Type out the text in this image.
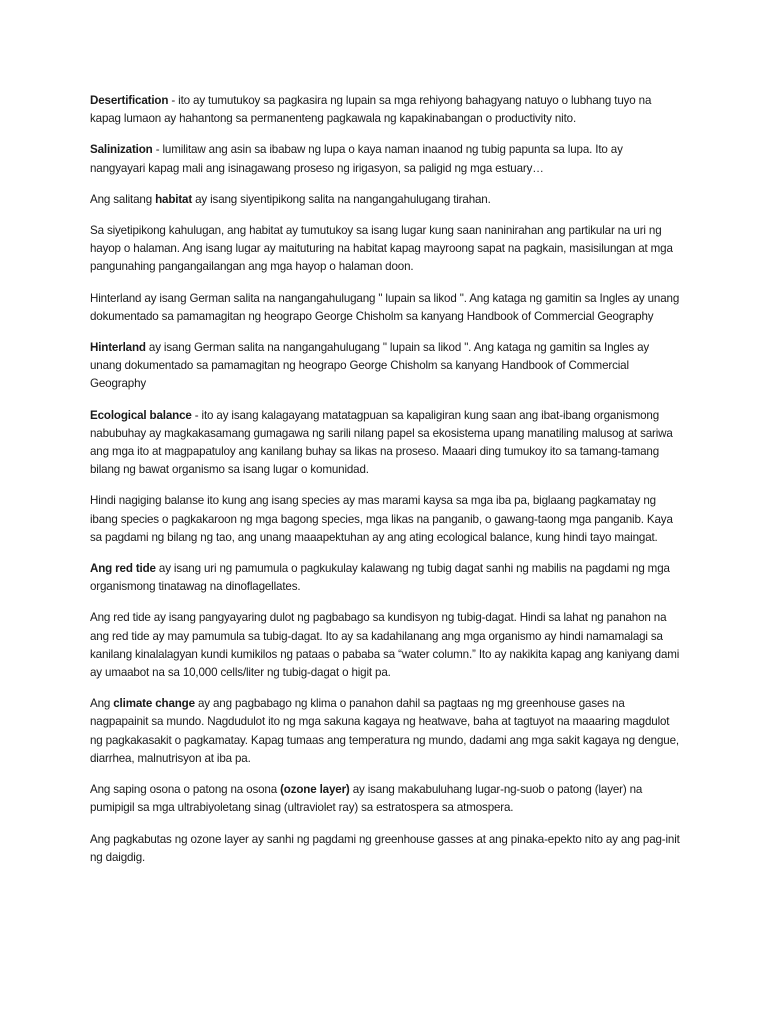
Desertification - ito ay tumutukoy sa pagkasira ng lupain sa mga rehiyong bahagyang natuyo o lubhang tuyo na kapag lumaon ay hahantong sa permanenteng pagkawala ng kapakinabangan o productivity nito.

Salinization - lumilitaw ang asin sa ibabaw ng lupa o kaya naman inaanod ng tubig papunta sa lupa. Ito ay nangyayari kapag mali ang isinagawang proseso ng irigasyon, sa paligid ng mga estuary…

Ang salitang habitat ay isang siyentipikong salita na nangangahulugang tirahan.

Sa siyetipikong kahulugan, ang habitat ay tumutukoy sa isang lugar kung saan naninirahan ang partikular na uri ng hayop o halaman. Ang isang lugar ay maituturing na habitat kapag mayroong sapat na pagkain, masisilungan at mga pangunahing pangangailangan ang mga hayop o halaman doon.

Hinterland ay isang German salita na nangangahulugang " lupain sa likod ". Ang kataga ng gamitin sa Ingles ay unang dokumentado sa pamamagitan ng heograpo George Chisholm sa kanyang Handbook of Commercial Geography

Hinterland ay isang German salita na nangangahulugang " lupain sa likod ". Ang kataga ng gamitin sa Ingles ay unang dokumentado sa pamamagitan ng heograpo George Chisholm sa kanyang Handbook of Commercial Geography

Ecological balance - ito ay isang kalagayang matatagpuan sa kapaligiran kung saan ang ibat-ibang organismong nabubuhay ay magkakasamang gumagawa ng sarili nilang papel sa ekosistema upang manatiling malusog at sariwa ang mga ito at magpapatuloy ang kanilang buhay sa likas na proseso. Maaari ding tumukoy ito sa tamang-tamang bilang ng bawat organismo sa isang lugar o komunidad.

Hindi nagiging balanse ito kung ang isang species ay mas marami kaysa sa mga iba pa, biglaang pagkamatay ng ibang species o pagkakaroon ng mga bagong species, mga likas na panganib, o gawang-taong mga panganib. Kaya sa pagdami ng bilang ng tao, ang unang maaapektuhan ay ang ating ecological balance, kung hindi tayo maingat.

Ang red tide ay isang uri ng pamumula o pagkukulay kalawang ng tubig dagat sanhi ng mabilis na pagdami ng mga organismong tinatawag na dinoflagellates.

Ang red tide ay isang pangyayaring dulot ng pagbabago sa kundisyon ng tubig-dagat. Hindi sa lahat ng panahon na ang red tide ay may pamumula sa tubig-dagat. Ito ay sa kadahilanang ang mga organismo ay hindi namamalagi sa kanilang kinalalagyan kundi kumikilos ng pataas o pababa sa “water column.” Ito ay nakikita kapag ang kaniyang dami ay umaabot na sa 10,000 cells/liter ng tubig-dagat o higit pa.

Ang climate change ay ang pagbabago ng klima o panahon dahil sa pagtaas ng mg greenhouse gases na nagpapainit sa mundo. Nagdudulot ito ng mga sakuna kagaya ng heatwave, baha at tagtuyot na maaaring magdulot ng pagkakasakit o pagkamatay. Kapag tumaas ang temperatura ng mundo, dadami ang mga sakit kagaya ng dengue, diarrhea, malnutrisyon at iba pa.

Ang saping osona o patong na osona (ozone layer) ay isang makabuluhang lugar-ng-suob o patong (layer) na pumipigil sa mga ultrabiyoletang sinag (ultraviolet ray) sa estratospera sa atmospera.

Ang pagkabutas ng ozone layer ay sanhi ng pagdami ng greenhouse gasses at ang pinaka-epekto nito ay ang pag-init ng daigdig.
